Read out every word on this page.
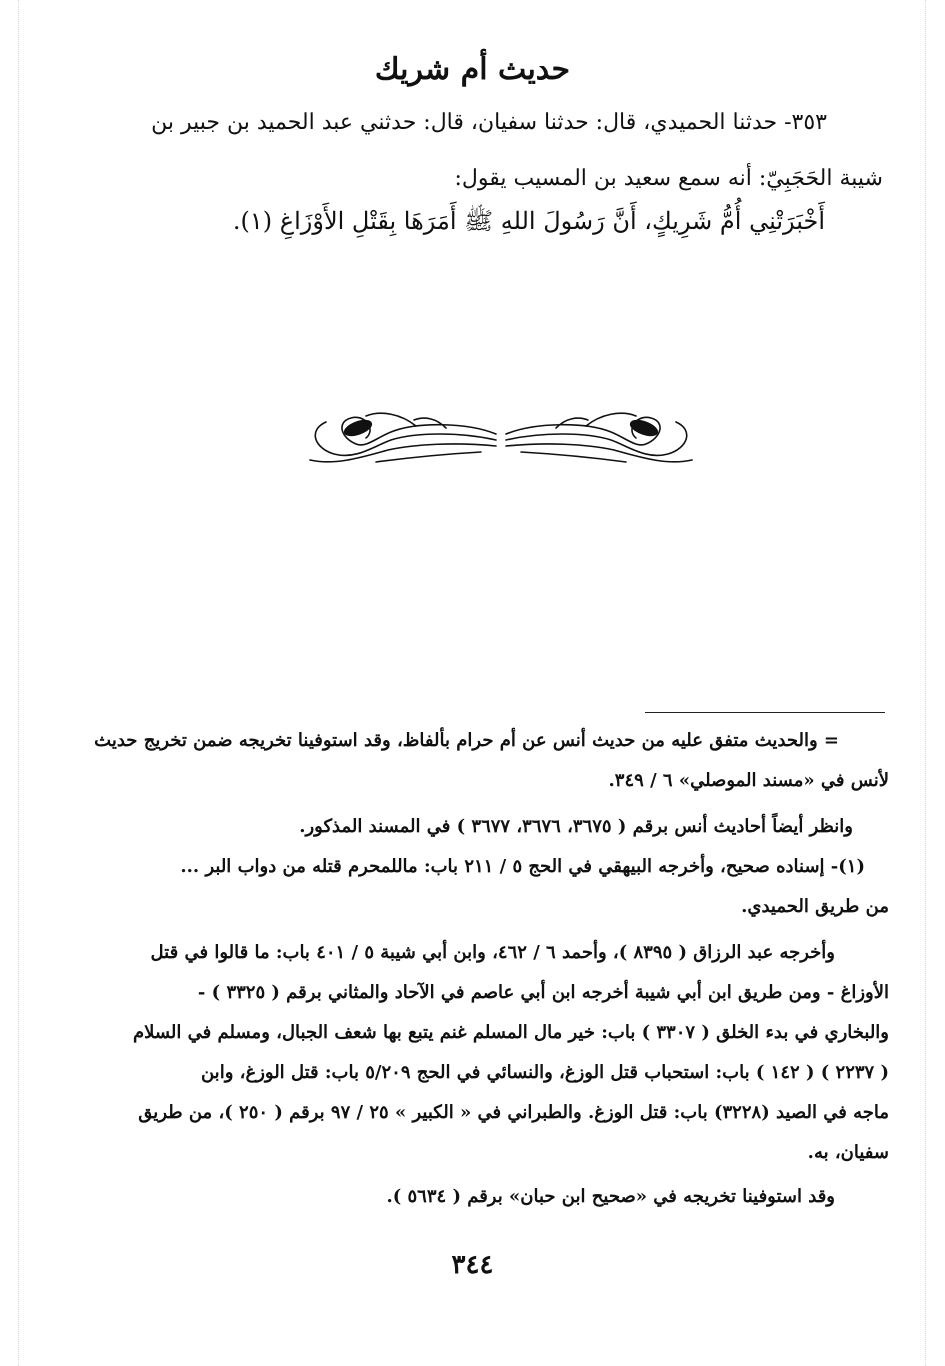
حديث أم شريك

٣٥٣- حدثنا الحميدي، قال: حدثنا سفيان، قال: حدثني عبد الحميد بن جبير بن

شيبة الحَجَبِيّ: أنه سمع سعيد بن المسيب يقول:

أَخْبَرَتْنِي أُمُّ شَرِيكٍ، أَنَّ رَسُولَ اللهِ ﷺ أَمَرَهَا بِقَتْلِ الأَوْزَاغِ (١).

= والحديث متفق عليه من حديث أنس عن أم حرام بألفاظ، وقد استوفينا تخريجه ضمن تخريج حديث

لأنس في «مسند الموصلي» ٦ / ٣٤٩.

وانظر أيضاً أحاديث أنس برقم ( ٣٦٧٥، ٣٦٧٦، ٣٦٧٧ ) في المسند المذكور.

(١)- إسناده صحيح، وأخرجه البيهقي في الحج ٥ / ٢١١ باب: ماللمحرم قتله من دواب البر ...

من طريق الحميدي.

وأخرجه عبد الرزاق ( ٨٣٩٥ )، وأحمد ٦ / ٤٦٢، وابن أبي شيبة ٥ / ٤٠١ باب: ما قالوا في قتل

الأوزاغ - ومن طريق ابن أبي شيبة أخرجه ابن أبي عاصم في الآحاد والمثاني برقم ( ٣٣٢٥ ) -

والبخاري في بدء الخلق ( ٣٣٠٧ ) باب: خير مال المسلم غنم يتبع بها شعف الجبال، ومسلم في السلام

( ٢٢٣٧ ) ( ١٤٢ ) باب: استحباب قتل الوزغ، والنسائي في الحج ٥/٢٠٩ باب: قتل الوزغ، وابن

ماجه في الصيد (٣٢٢٨) باب: قتل الوزغ. والطبراني في « الكبير » ٢٥ / ٩٧ برقم ( ٢٥٠ )، من طريق

سفيان، به.

وقد استوفينا تخريجه في «صحيح ابن حبان» برقم ( ٥٦٣٤ ).

٣٤٤
